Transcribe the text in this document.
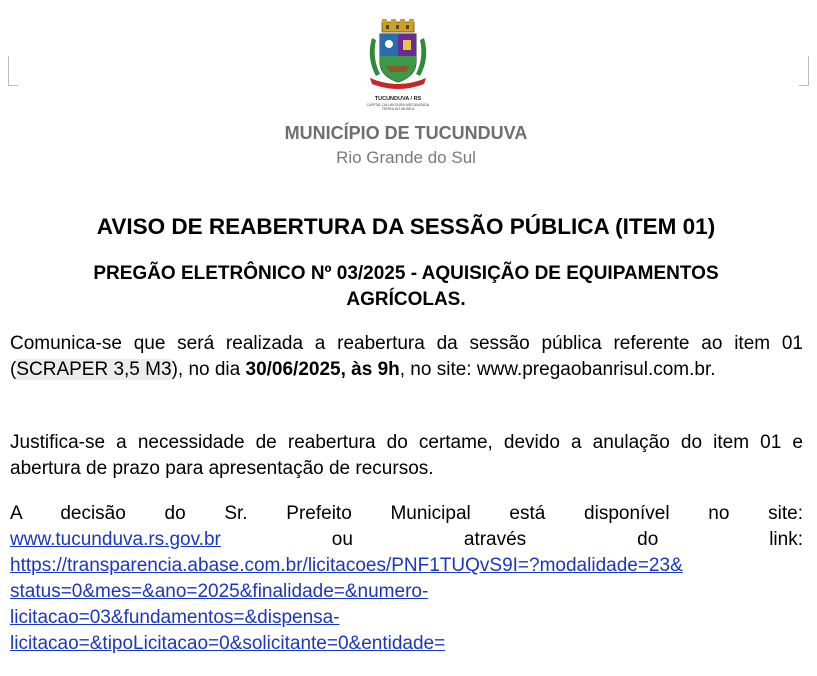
TUCUNDUVA / RS
CAPITAL DA LAVOURA MECANIZADA
TERRA DO MUSEU
MUNICÍPIO DE TUCUNDUVA
Rio Grande do Sul
AVISO DE REABERTURA DA SESSÃO PÚBLICA (ITEM 01)
PREGÃO ELETRÔNICO Nº 03/2025 - AQUISIÇÃO DE EQUIPAMENTOS
AGRÍCOLAS.
Comunica-se que será realizada a reabertura da sessão pública referente ao item 01 (SCRAPER 3,5 M3), no dia 30/06/2025, às 9h, no site: www.pregaobanrisul.com.br.
Justifica-se a necessidade de reabertura do certame, devido a anulação do item 01 e abertura de prazo para apresentação de recursos.
A decisão do Sr. Prefeito Municipal está disponível no site:
www.tucunduva.rs.gov.br ou através do link:
https://transparencia.abase.com.br/licitacoes/PNF1TUQvS9I=?modalidade=23&
status=0&mes=&ano=2025&finalidade=&numero-
licitacao=03&fundamentos=&dispensa-
licitacao=&tipoLicitacao=0&solicitante=0&entidade=
